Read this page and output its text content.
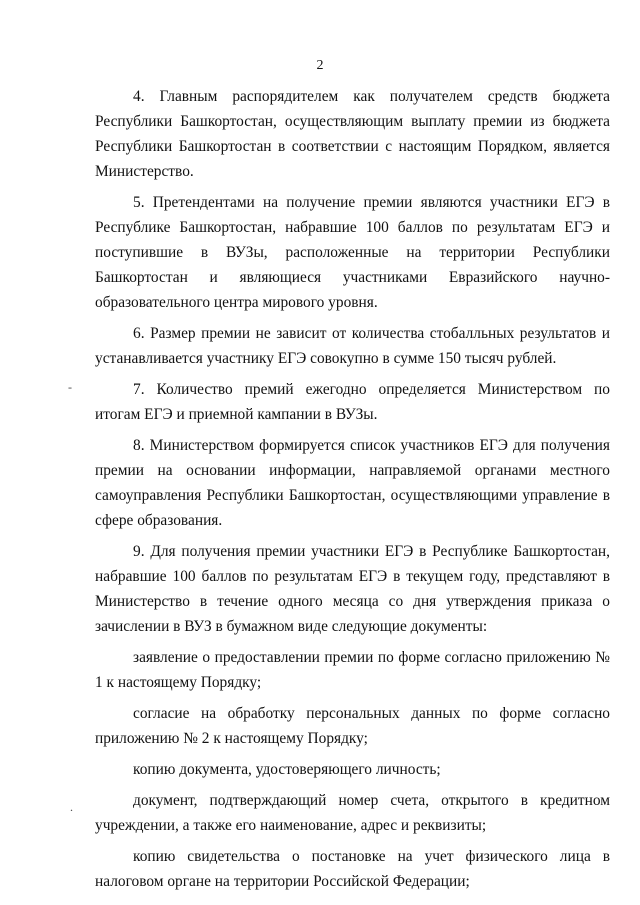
2

4. Главным распорядителем как получателем средств бюджета Республики Башкортостан, осуществляющим выплату премии из бюджета Республики Башкортостан в соответствии с настоящим Порядком, является Министерство.

5. Претендентами на получение премии являются участники ЕГЭ в Республике Башкортостан, набравшие 100 баллов по результатам ЕГЭ и поступившие в ВУЗы, расположенные на территории Республики Башкортостан и являющиеся участниками Евразийского научно-образовательного центра мирового уровня.

6. Размер премии не зависит от количества стобалльных результатов и устанавливается участнику ЕГЭ совокупно в сумме 150 тысяч рублей.

7. Количество премий ежегодно определяется Министерством по итогам ЕГЭ и приемной кампании в ВУЗы.

8. Министерством формируется список участников ЕГЭ для получения премии на основании информации, направляемой органами местного самоуправления Республики Башкортостан, осуществляющими управление в сфере образования.

9. Для получения премии участники ЕГЭ в Республике Башкортостан, набравшие 100 баллов по результатам ЕГЭ в текущем году, представляют в Министерство в течение одного месяца со дня утверждения приказа о зачислении в ВУЗ в бумажном виде следующие документы:

заявление о предоставлении премии по форме согласно приложению № 1 к настоящему Порядку;

согласие на обработку персональных данных по форме согласно приложению № 2 к настоящему Порядку;

копию документа, удостоверяющего личность;

документ, подтверждающий номер счета, открытого в кредитном учреждении, а также его наименование, адрес и реквизиты;

копию свидетельства о постановке на учет физического лица в налоговом органе на территории Российской Федерации;

-
.
